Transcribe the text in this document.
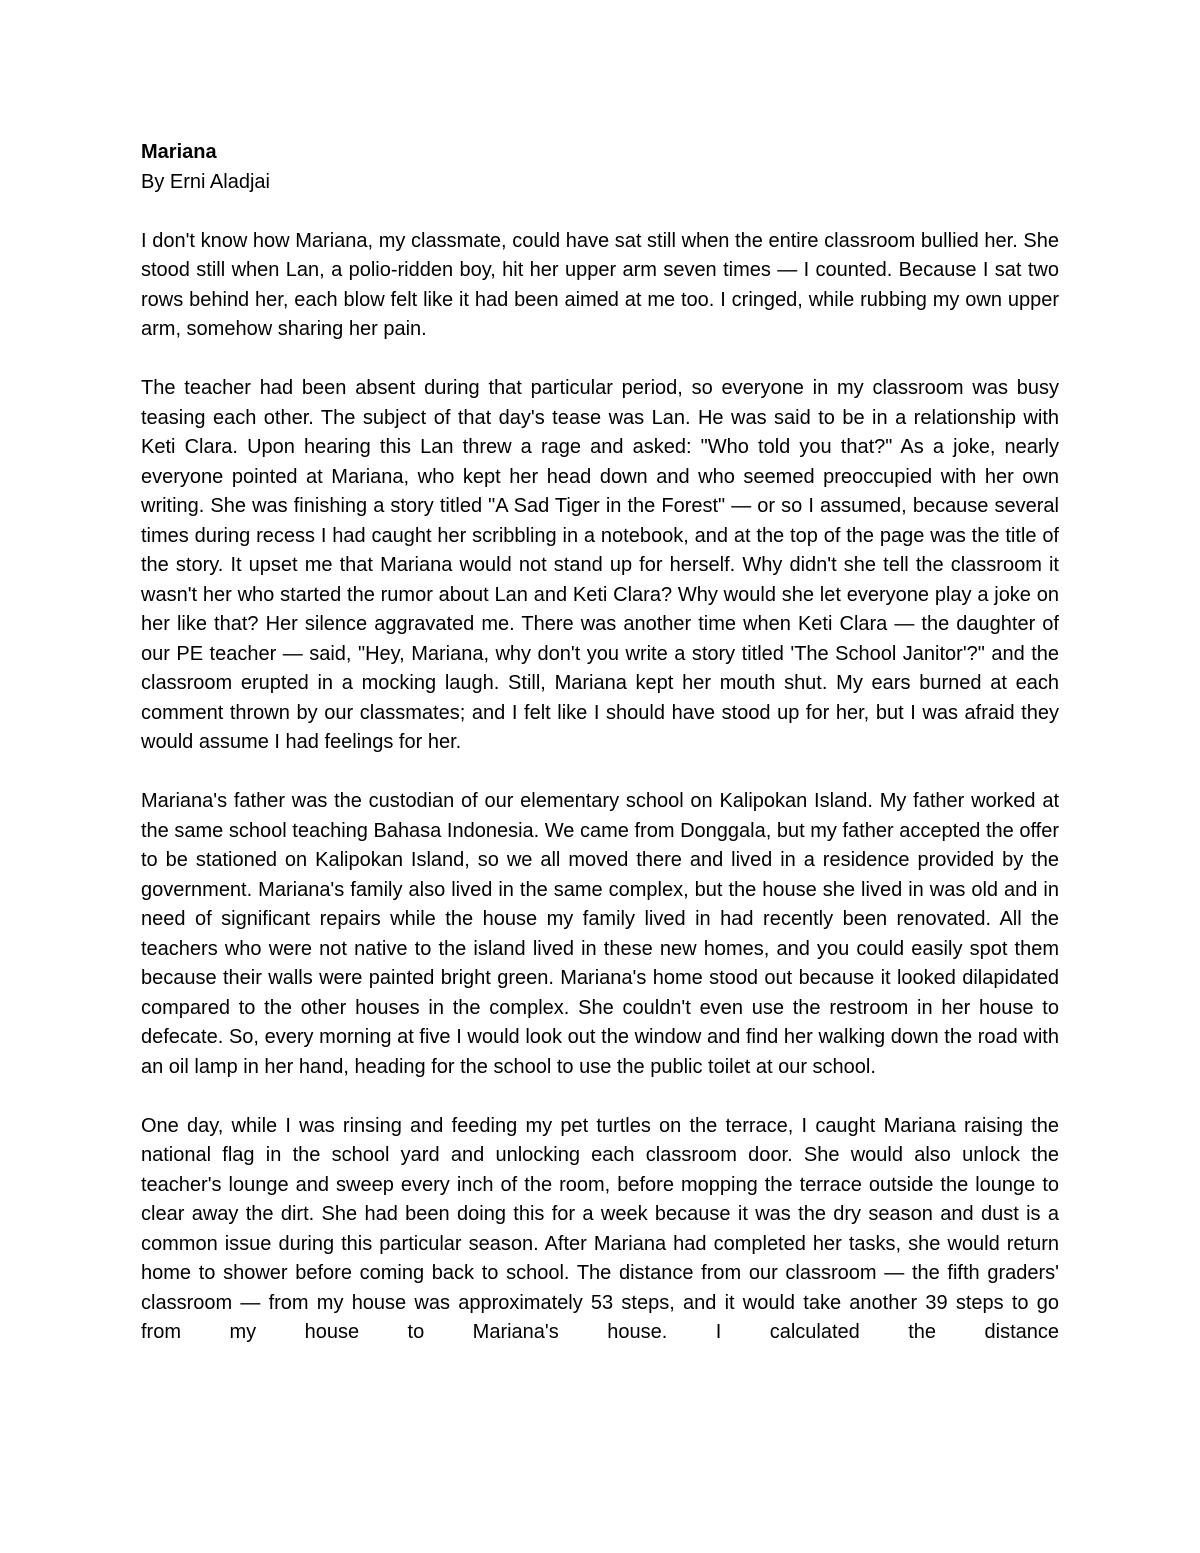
Mariana

By Erni Aladjai

I don't know how Mariana, my classmate, could have sat still when the entire classroom bullied her. She stood still when Lan, a polio-ridden boy, hit her upper arm seven times — I counted. Because I sat two rows behind her, each blow felt like it had been aimed at me too. I cringed, while rubbing my own upper arm, somehow sharing her pain.

The teacher had been absent during that particular period, so everyone in my classroom was busy teasing each other. The subject of that day's tease was Lan. He was said to be in a relationship with Keti Clara. Upon hearing this Lan threw a rage and asked: "Who told you that?" As a joke, nearly everyone pointed at Mariana, who kept her head down and who seemed preoccupied with her own writing. She was finishing a story titled "A Sad Tiger in the Forest" — or so I assumed, because several times during recess I had caught her scribbling in a notebook, and at the top of the page was the title of the story. It upset me that Mariana would not stand up for herself. Why didn't she tell the classroom it wasn't her who started the rumor about Lan and Keti Clara? Why would she let everyone play a joke on her like that? Her silence aggravated me. There was another time when Keti Clara — the daughter of our PE teacher — said, "Hey, Mariana, why don't you write a story titled 'The School Janitor'?" and the classroom erupted in a mocking laugh. Still, Mariana kept her mouth shut. My ears burned at each comment thrown by our classmates; and I felt like I should have stood up for her, but I was afraid they would assume I had feelings for her.

Mariana's father was the custodian of our elementary school on Kalipokan Island. My father worked at the same school teaching Bahasa Indonesia. We came from Donggala, but my father accepted the offer to be stationed on Kalipokan Island, so we all moved there and lived in a residence provided by the government. Mariana's family also lived in the same complex, but the house she lived in was old and in need of significant repairs while the house my family lived in had recently been renovated. All the teachers who were not native to the island lived in these new homes, and you could easily spot them because their walls were painted bright green. Mariana's home stood out because it looked dilapidated compared to the other houses in the complex. She couldn't even use the restroom in her house to defecate. So, every morning at five I would look out the window and find her walking down the road with an oil lamp in her hand, heading for the school to use the public toilet at our school.

One day, while I was rinsing and feeding my pet turtles on the terrace, I caught Mariana raising the national flag in the school yard and unlocking each classroom door. She would also unlock the teacher's lounge and sweep every inch of the room, before mopping the terrace outside the lounge to clear away the dirt. She had been doing this for a week because it was the dry season and dust is a common issue during this particular season. After Mariana had completed her tasks, she would return home to shower before coming back to school. The distance from our classroom — the fifth graders' classroom — from my house was approximately 53 steps, and it would take another 39 steps to go from my house to Mariana's house. I calculated the distance
